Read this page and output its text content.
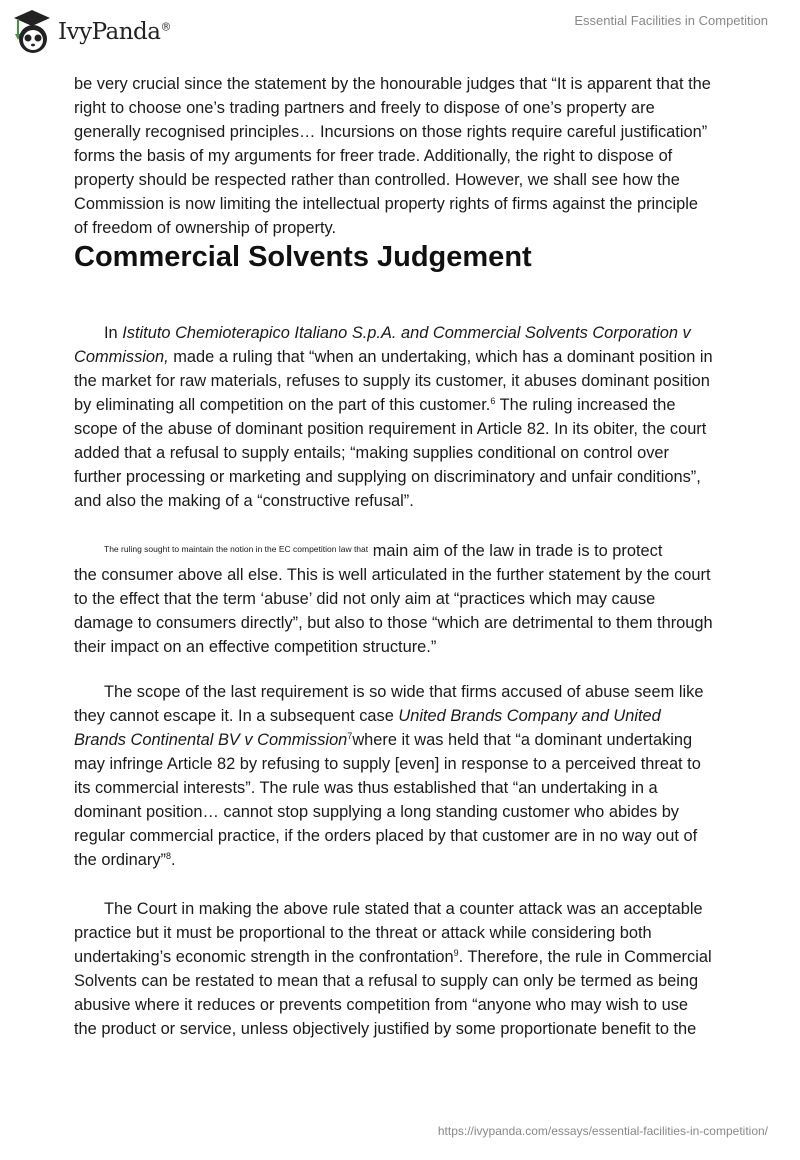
IvyPanda®	Essential Facilities in Competition
be very crucial since the statement by the honourable judges that “It is apparent that the
right to choose one’s trading partners and freely to dispose of one’s property are
generally recognised principles… Incursions on those rights require careful justification”
forms the basis of my arguments for freer trade. Additionally, the right to dispose of
property should be respected rather than controlled. However, we shall see how the
Commission is now limiting the intellectual property rights of firms against the principle
of freedom of ownership of property.
In Istituto Chemioterapico Italiano S.p.A. and Commercial Solvents Corporation v
Commission, made a ruling that “when an undertaking, which has a dominant position in
the market for raw materials, refuses to supply its customer, it abuses dominant position
by eliminating all competition on the part of this customer.$^6$ The ruling increased the
scope of the abuse of dominant position requirement in Article 82. In its obiter, the court
added that a refusal to supply entails; “making supplies conditional on control over
further processing or marketing and supplying on discriminatory and unfair conditions”,
and also the making of a “constructive refusal”.
$^{The ruling sought to maintain the notion in the EC competition law that}$ main aim of the law in trade is to protect
the consumer above all else. This is well articulated in the further statement by the court
to the effect that the term ‘abuse’ did not only aim at “practices which may cause
damage to consumers directly”, but also to those “which are detrimental to them through
their impact on an effective competition structure.”
The scope of the last requirement is so wide that firms accused of abuse seem like
they cannot escape it. In a subsequent case United Brands Company and United
Brands Continental BV v Commission$^7$where it was held that “a dominant undertaking
may infringe Article 82 by refusing to supply [even] in response to a perceived threat to
its commercial interests”. The rule was thus established that “an undertaking in a
dominant position… cannot stop supplying a long standing customer who abides by
regular commercial practice, if the orders placed by that customer are in no way out of
the ordinary”$^8$.
The Court in making the above rule stated that a counter attack was an acceptable
practice but it must be proportional to the threat or attack while considering both
undertaking’s economic strength in the confrontation$^9$. Therefore, the rule in Commercial
Solvents can be restated to mean that a refusal to supply can only be termed as being
abusive where it reduces or prevents competition from “anyone who may wish to use
the product or service, unless objectively justified by some proportionate benefit to the
Commercial Solvents Judgement
https://ivypanda.com/essays/essential-facilities-in-competition/
